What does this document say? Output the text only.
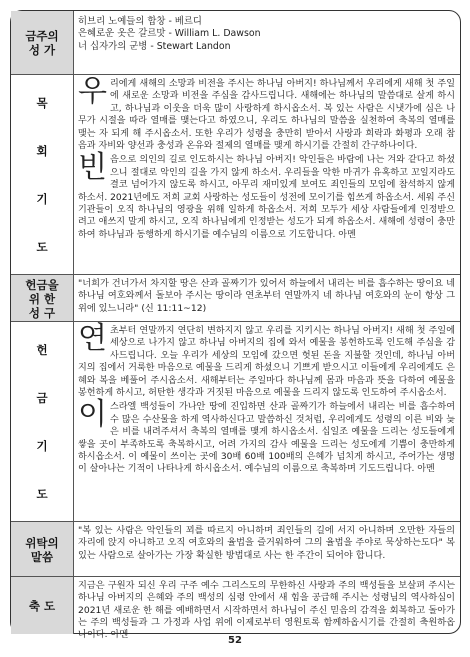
금주의
성 가

히브리 노예들의 합창 - 베르디

은혜로운 옷은 갈르맛 - William L. Dawson

너 십자가의 군병 - Stewart Landon

목
회
기
도

우리에게 새해의 소망과 비전을 주시는 하나님 아버지! 하나님께서 우리에게 새해 첫 주일에 새로운 소망과 비전을 주심을 감사드립니다. 새해에는 하나님의 말씀대로 살게 하시고, 하나님과 이웃을 더욱 많이 사랑하게 하시옵소서. 복 있는 사람은 시냇가에 심은 나무가 시절을 따라 열매를 맺는다고 하였으니, 우리도 하나님의 말씀을 실천하여 축복의 열매를 맺는 자 되게 해 주시옵소서. 또한 우리가 성령을 충만히 받아서 사랑과 희락과 화평과 오래 참음과 자비와 양선과 충성과 온유와 절제의 열매를 맺게 하시기를 간절히 간구하나이다.

빈음으로 의인의 길로 인도하시는 하나님 아버지! 악인들은 바람에 나는 겨와 같다고 하셨으니 절대로 악인의 길을 가지 않게 하소서. 우리들을 악한 마귀가 유혹하고 꼬일지라도 결코 넘어가지 않도록 하시고, 아무리 재미있게 보여도 죄인들의 모임에 참석하지 않게 하소서. 2021년에도 저희 교회 사랑하는 성도들이 성전에 모이기를 힘쓰게 하옵소서. 세워 주신 기관들이 오직 하나님의 영광을 위해 일하게 하옵소서. 저희 모두가 세상 사람들에게 인정받으려고 애쓰지 말게 하시고, 오직 하나님에게 인정받는 성도가 되게 하옵소서. 새해에 성령이 충만하여 하나님과 동행하게 하시기를 예수님의 이름으로 기도합니다. 아멘

헌금을
위 한
성 구
"너희가 건너가서 차지할 땅은 산과 골짜기가 있어서 하늘에서 내리는 비를 흡수하는 땅이요 네 하나님 여호와께서 돌보아 주시는 땅이라 연초부터 연말까지 네 하나님 여호와의 눈이 항상 그 위에 있느니라" (신 11:11~12)
헌
금
기
도

연초부터 연말까지 연단히 변하지지 않고 우리를 지키시는 하나님 아버지! 새해 첫 주일에 세상으로 나가지 않고 하나님 아버지의 집에 와서 예물을 봉헌하도록 인도해 주심을 감사드립니다. 오늘 우리가 세상의 모임에 갔으면 헛된 돈을 지불할 것인데, 하나님 아버지의 집에서 거룩한 마음으로 예물을 드리게 하셨으니 기쁘게 받으시고 이들에게 우리에게도 은혜와 복을 베풀어 주시옵소서. 새해부터는 주일마다 하나님께 몸과 마음과 뜻을 다하여 예물을 봉헌하게 하시고, 허탄한 생각과 거짓된 마음으로 예물을 드리지 않도록 인도하여 주시옵소서.

이스라엘 백성들이 가나안 땅에 진입하면 산과 골짜기가 하늘에서 내리는 비를 흡수하여 수 많은 수산물을 하게 역사하신다고 말씀하신 것처럼, 우리에게도 성령의 이른 비와 늦은 비를 내려주셔서 축복의 열매를 맺게 하시옵소서. 십일조 예물을 드리는 성도들에게 쌓을 곳이 부족하도록 축복하시고, 어려 가지의 감사 예물을 드리는 성도에게 기쁨이 충만하게 하시옵소서. 이 예물이 쓰이는 곳에 30배 60배 100배의 은혜가 넘치게 하시고, 주어가는 생명이 살아나는 기적이 나타나게 하시옵소서. 예수님의 이름으로 축복하며 기도드립니다. 아멘

위탁의
말씀
"복 있는 사람은 악인들의 꾀를 따르지 아니하며 죄인들의 길에 서지 아니하며 오만한 자들의 자리에 앉지 아니하고 오직 여호와의 율법을 즐거워하여 그의 율법을 주야로 묵상하는도다" 복 있는 사람으로 살아가는 가장 확실한 방법대로 사는 한 주간이 되어야 합니다.
축 도
지금은 구원자 되신 우리 구주 예수 그리스도의 무한하신 사랑과 주의 백성들을 보살펴 주시는 하나님 아버지의 은혜와 주의 백성의 심령 안에서 새 힘을 공급해 주시는 성령님의 역사하심이 2021년 새로운 한 해를 예배하면서 시작하면서 하나님이 주신 믿음의 감격을 회복하고 돌아가는 주의 백성들과 그 가정과 사업 위에 이제로부터 영원토록 함께하옵시기를 간절히 축원하옵나이다. 아멘
52
